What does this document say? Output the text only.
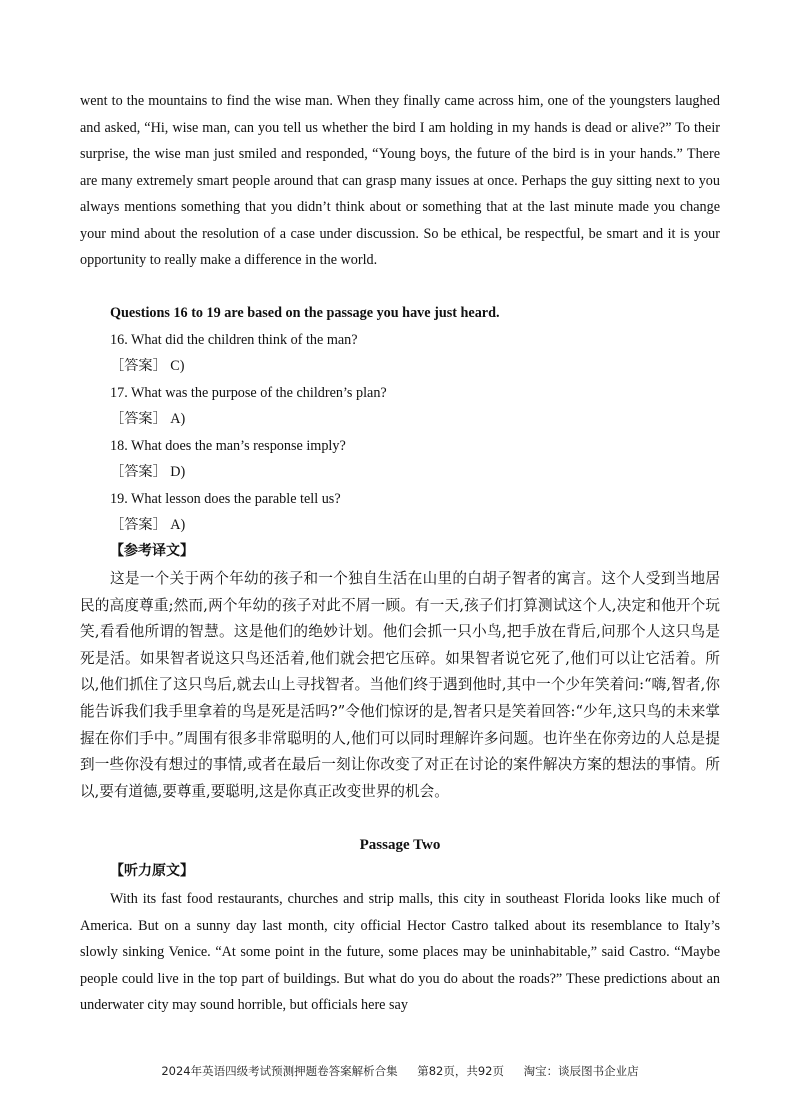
went to the mountains to find the wise man. When they finally came across him, one of the youngsters laughed and asked, “Hi, wise man, can you tell us whether the bird I am holding in my hands is dead or alive?” To their surprise, the wise man just smiled and responded, “Young boys, the future of the bird is in your hands.” There are many extremely smart people around that can grasp many issues at once. Perhaps the guy sitting next to you always mentions something that you didn’t think about or something that at the last minute made you change your mind about the resolution of a case under discussion. So be ethical, be respectful, be smart and it is your opportunity to really make a difference in the world.

Questions 16 to 19 are based on the passage you have just heard.
16. What did the children think of the man?
［答案］ C)
17. What was the purpose of the children’s plan?
［答案］ A)
18. What does the man’s response imply?
［答案］ D)
19. What lesson does the parable tell us?
［答案］ A)
【参考译文】

这是一个关于两个年幼的孩子和一个独自生活在山里的白胡子智者的寓言。这个人受到当地居民的高度尊重;然而,两个年幼的孩子对此不屑一顾。有一天,孩子们打算测试这个人,决定和他开个玩笑,看看他所谓的智慧。这是他们的绝妙计划。他们会抓一只小鸟,把手放在背后,问那个人这只鸟是死是活。如果智者说这只鸟还活着,他们就会把它压碎。如果智者说它死了,他们可以让它活着。所以,他们抓住了这只鸟后,就去山上寻找智者。当他们终于遇到他时,其中一个少年笑着问:“嗨,智者,你能告诉我们我手里拿着的鸟是死是活吗?”令他们惊讶的是,智者只是笑着回答:“少年,这只鸟的未来掌握在你们手中。”周围有很多非常聪明的人,他们可以同时理解许多问题。也许坐在你旁边的人总是提到一些你没有想过的事情,或者在最后一刻让你改变了对正在讨论的案件解决方案的想法的事情。所以,要有道德,要尊重,要聪明,这是你真正改变世界的机会。

Passage Two
【听力原文】

With its fast food restaurants, churches and strip malls, this city in southeast Florida looks like much of America. But on a sunny day last month, city official Hector Castro talked about its resemblance to Italy’s slowly sinking Venice. “At some point in the future, some places may be uninhabitable,” said Castro. “Maybe people could live in the top part of buildings. But what do you do about the roads?” These predictions about an underwater city may sound horrible, but officials here say

2024年英语四级考试预测押题卷答案解析合集 第82页，共92页 淘宝：谈辰图书企业店
